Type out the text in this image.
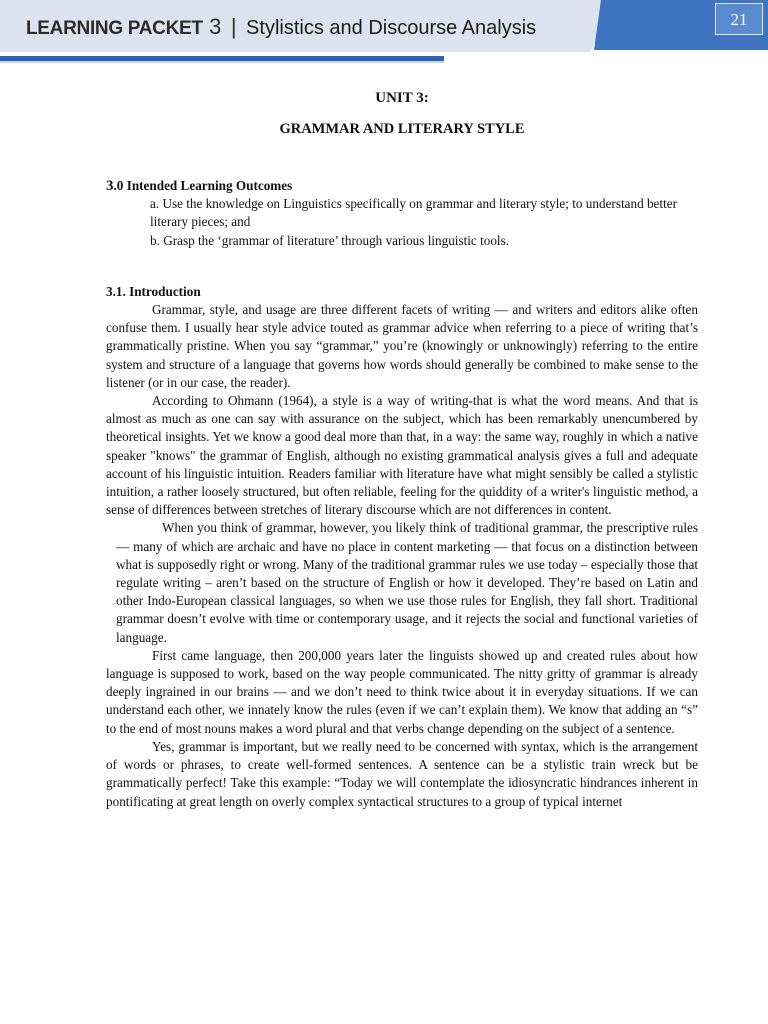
LEARNING PACKET 3 | Stylistics and Discourse Analysis	21
UNIT 3:
GRAMMAR AND LITERARY STYLE
3.0 Intended Learning Outcomes

a. Use the knowledge on Linguistics specifically on grammar and literary style; to understand better literary pieces; and

b. Grasp the ‘grammar of literature’ through various linguistic tools.

3.1. Introduction

Grammar, style, and usage are three different facets of writing — and writers and editors alike often confuse them. I usually hear style advice touted as grammar advice when referring to a piece of writing that’s grammatically pristine. When you say “grammar,” you’re (knowingly or unknowingly) referring to the entire system and structure of a language that governs how words should generally be combined to make sense to the listener (or in our case, the reader).

According to Ohmann (1964), a style is a way of writing-that is what the word means. And that is almost as much as one can say with assurance on the subject, which has been remarkably unencumbered by theoretical insights. Yet we know a good deal more than that, in a way: the same way, roughly in which a native speaker "knows" the grammar of English, although no existing grammatical analysis gives a full and adequate account of his linguistic intuition. Readers familiar with literature have what might sensibly be called a stylistic intuition, a rather loosely structured, but often reliable, feeling for the quiddity of a writer's linguistic method, a sense of differences between stretches of literary discourse which are not differences in content.

When you think of grammar, however, you likely think of traditional grammar, the prescriptive rules — many of which are archaic and have no place in content marketing — that focus on a distinction between what is supposedly right or wrong. Many of the traditional grammar rules we use today – especially those that regulate writing – aren’t based on the structure of English or how it developed. They’re based on Latin and other Indo-European classical languages, so when we use those rules for English, they fall short. Traditional grammar doesn’t evolve with time or contemporary usage, and it rejects the social and functional varieties of language.

First came language, then 200,000 years later the linguists showed up and created rules about how language is supposed to work, based on the way people communicated. The nitty gritty of grammar is already deeply ingrained in our brains — and we don’t need to think twice about it in everyday situations. If we can understand each other, we innately know the rules (even if we can’t explain them). We know that adding an “s” to the end of most nouns makes a word plural and that verbs change depending on the subject of a sentence.

Yes, grammar is important, but we really need to be concerned with syntax, which is the arrangement of words or phrases, to create well-formed sentences. A sentence can be a stylistic train wreck but be grammatically perfect! Take this example: “Today we will contemplate the idiosyncratic hindrances inherent in pontificating at great length on overly complex syntactical structures to a group of typical internet
